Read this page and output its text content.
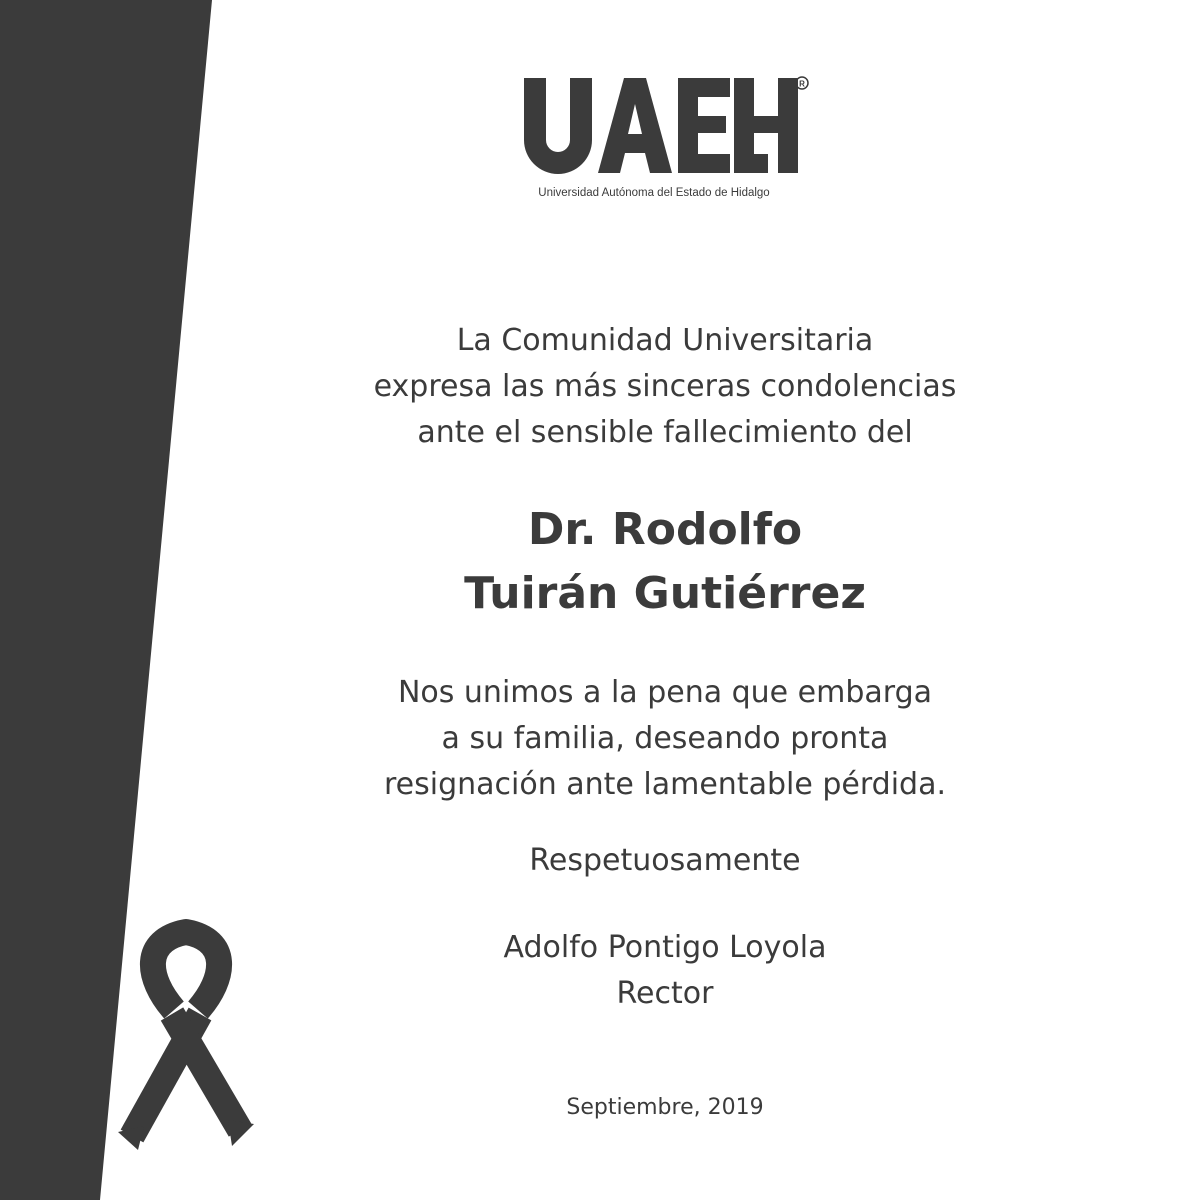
R
Universidad Autónoma del Estado de Hidalgo
La Comunidad Universitaria
expresa las más sinceras condolencias
ante el sensible fallecimiento del
Dr. Rodolfo
Tuirán Gutiérrez
Nos unimos a la pena que embarga
a su familia, deseando pronta
resignación ante lamentable pérdida.
Respetuosamente
Adolfo Pontigo Loyola
Rector
Septiembre, 2019
